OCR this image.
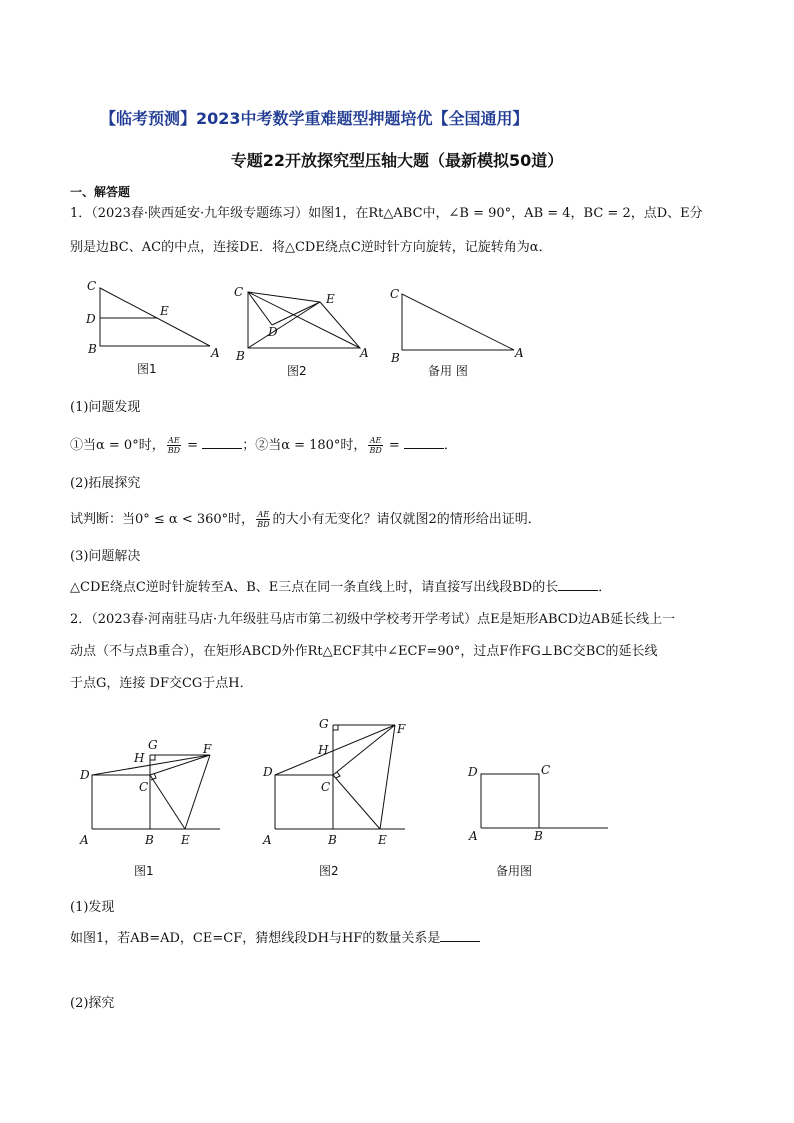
【临考预测】2023中考数学重难题型押题培优【全国通用】
专题22开放探究型压轴大题（最新模拟50道）
一、解答题
1．（2023春·陕西延安·九年级专题练习）如图1，在Rt△ABC中，∠B = 90°，AB = 4，BC = 2，点D、E分
别是边BC、AC的中点，连接DE．将△CDE绕点C逆时针方向旋转，记旋转角为α．
C
D
B	A
E
C	E
D
B	A
C
B	A
图1	图2	备用 图
(1)问题发现
①当α = 0°时， $\frac{AE}{BD}$ =	；②当α = 180°时， $\frac{AE}{BD}$ =	．
(2)拓展探究
试判断：当0° ≤ α < 360°时， $\frac{AE}{BD}$ 的大小有无变化？请仅就图2的情形给出证明．
(3)问题解决
△CDE绕点C逆时针旋转至A、B、E三点在同一条直线上时，请直接写出线段BD的长	．
2．（2023春·河南驻马店·九年级驻马店市第二初级中学校考开学考试）点E是矩形ABCD边AB延长线上一
动点（不与点B重合），在矩形ABCD外作Rt△ECF其中∠ECF=90°，过点F作FG⊥BC交BC的延长线
于点G，连接 DF交CG于点H．
D
A	B E
C
G
H
F
D
A	B	E
C
G
H
F
D	C
A	B
图1	图2	备用图
(1)发现
如图1，若AB=AD，CE=CF，猜想线段DH与HF的数量关系是
(2)探究
